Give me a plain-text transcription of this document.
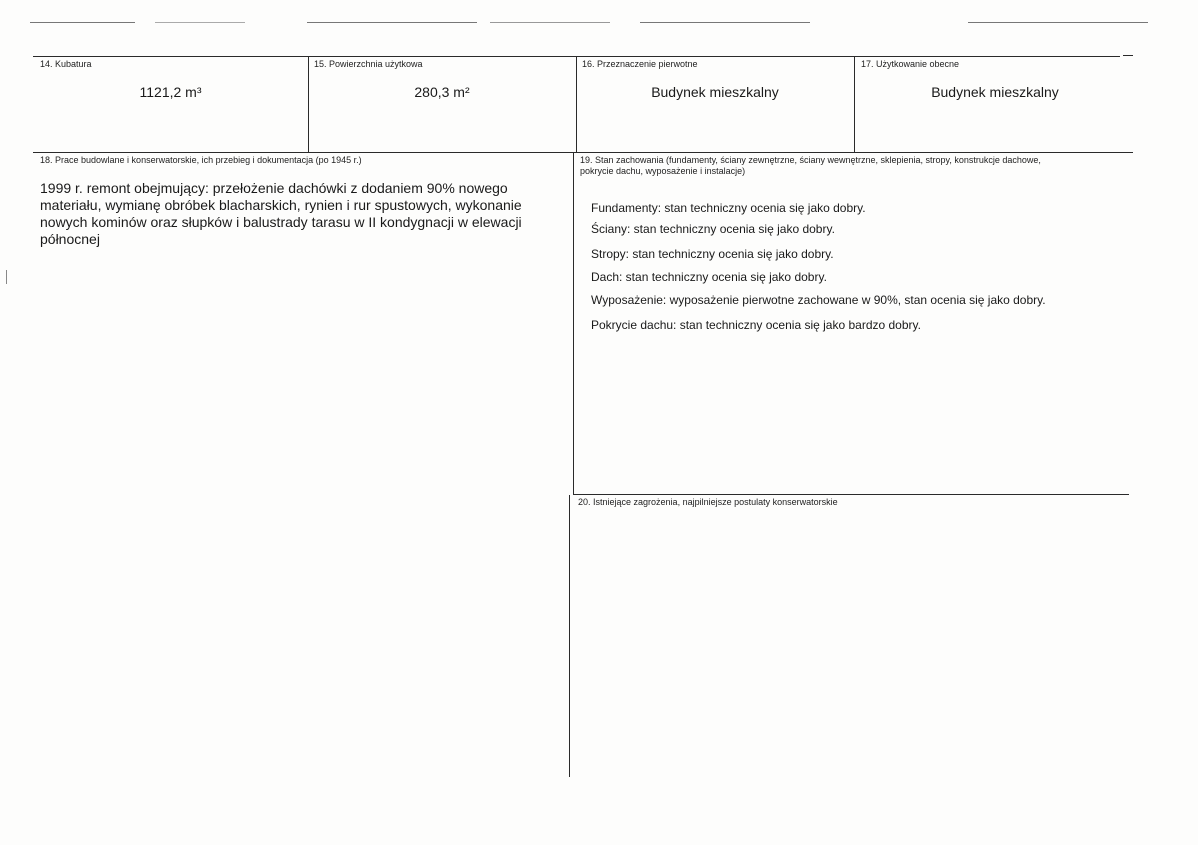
14. Kubatura
1121,2 m³
15. Powierzchnia użytkowa
280,3 m²
16. Przeznaczenie pierwotne
Budynek mieszkalny
17. Użytkowanie obecne
Budynek mieszkalny
18. Prace budowlane i konserwatorskie, ich przebieg i dokumentacja (po 1945 r.)
1999 r. remont obejmujący: przełożenie dachówki z dodaniem 90% nowego materiału, wymianę obróbek blacharskich, rynien i rur spustowych, wykonanie nowych kominów oraz słupków i balustrady tarasu w II kondygnacji w elewacji północnej
19. Stan zachowania (fundamenty, ściany zewnętrzne, ściany wewnętrzne, sklepienia, stropy, konstrukcje dachowe, pokrycie dachu, wyposażenie i instalacje)
Fundamenty: stan techniczny ocenia się jako dobry.
Ściany: stan techniczny ocenia się jako dobry.
Stropy: stan techniczny ocenia się jako dobry.
Dach: stan techniczny ocenia się jako dobry.
Wyposażenie: wyposażenie pierwotne zachowane w 90%, stan ocenia się jako dobry.
Pokrycie dachu: stan techniczny ocenia się jako bardzo dobry.
20. Istniejące zagrożenia, najpilniejsze postulaty konserwatorskie
